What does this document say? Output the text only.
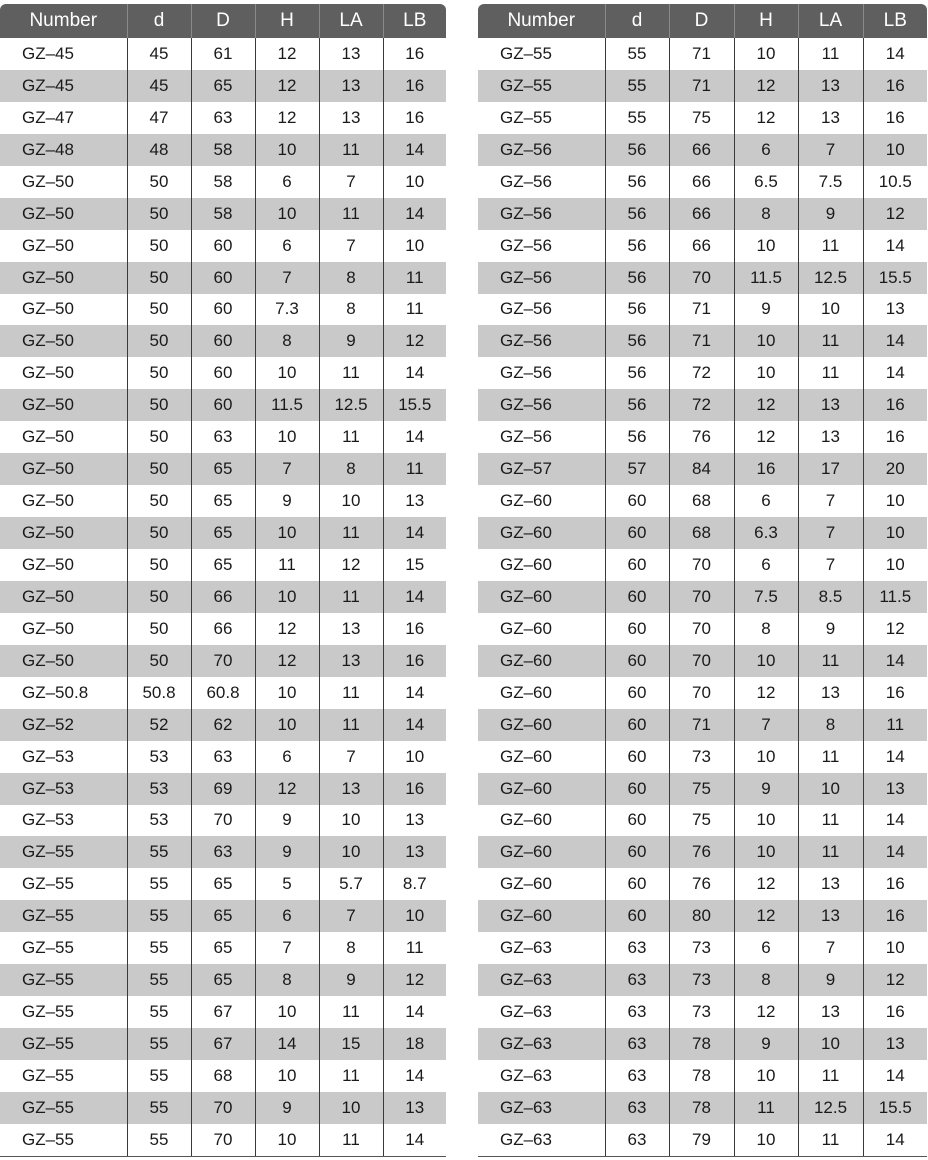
Number	d	D	H	LA	LB
GZ–45	45	61	12	13	16
GZ–45	45	65	12	13	16
GZ–47	47	63	12	13	16
GZ–48	48	58	10	11	14
GZ–50	50	58	6	7	10
GZ–50	50	58	10	11	14
GZ–50	50	60	6	7	10
GZ–50	50	60	7	8	11
GZ–50	50	60	7.3	8	11
GZ–50	50	60	8	9	12
GZ–50	50	60	10	11	14
GZ–50	50	60	11.5	12.5	15.5
GZ–50	50	63	10	11	14
GZ–50	50	65	7	8	11
GZ–50	50	65	9	10	13
GZ–50	50	65	10	11	14
GZ–50	50	65	11	12	15
GZ–50	50	66	10	11	14
GZ–50	50	66	12	13	16
GZ–50	50	70	12	13	16
GZ–50.8	50.8	60.8	10	11	14
GZ–52	52	62	10	11	14
GZ–53	53	63	6	7	10
GZ–53	53	69	12	13	16
GZ–53	53	70	9	10	13
GZ–55	55	63	9	10	13
GZ–55	55	65	5	5.7	8.7
GZ–55	55	65	6	7	10
GZ–55	55	65	7	8	11
GZ–55	55	65	8	9	12
GZ–55	55	67	10	11	14
GZ–55	55	67	14	15	18
GZ–55	55	68	10	11	14
GZ–55	55	70	9	10	13
GZ–55	55	70	10	11	14
Number	d	D	H	LA	LB
GZ–55	55	71	10	11	14
GZ–55	55	71	12	13	16
GZ–55	55	75	12	13	16
GZ–56	56	66	6	7	10
GZ–56	56	66	6.5	7.5	10.5
GZ–56	56	66	8	9	12
GZ–56	56	66	10	11	14
GZ–56	56	70	11.5	12.5	15.5
GZ–56	56	71	9	10	13
GZ–56	56	71	10	11	14
GZ–56	56	72	10	11	14
GZ–56	56	72	12	13	16
GZ–56	56	76	12	13	16
GZ–57	57	84	16	17	20
GZ–60	60	68	6	7	10
GZ–60	60	68	6.3	7	10
GZ–60	60	70	6	7	10
GZ–60	60	70	7.5	8.5	11.5
GZ–60	60	70	8	9	12
GZ–60	60	70	10	11	14
GZ–60	60	70	12	13	16
GZ–60	60	71	7	8	11
GZ–60	60	73	10	11	14
GZ–60	60	75	9	10	13
GZ–60	60	75	10	11	14
GZ–60	60	76	10	11	14
GZ–60	60	76	12	13	16
GZ–60	60	80	12	13	16
GZ–63	63	73	6	7	10
GZ–63	63	73	8	9	12
GZ–63	63	73	12	13	16
GZ–63	63	78	9	10	13
GZ–63	63	78	10	11	14
GZ–63	63	78	11	12.5	15.5
GZ–63	63	79	10	11	14
